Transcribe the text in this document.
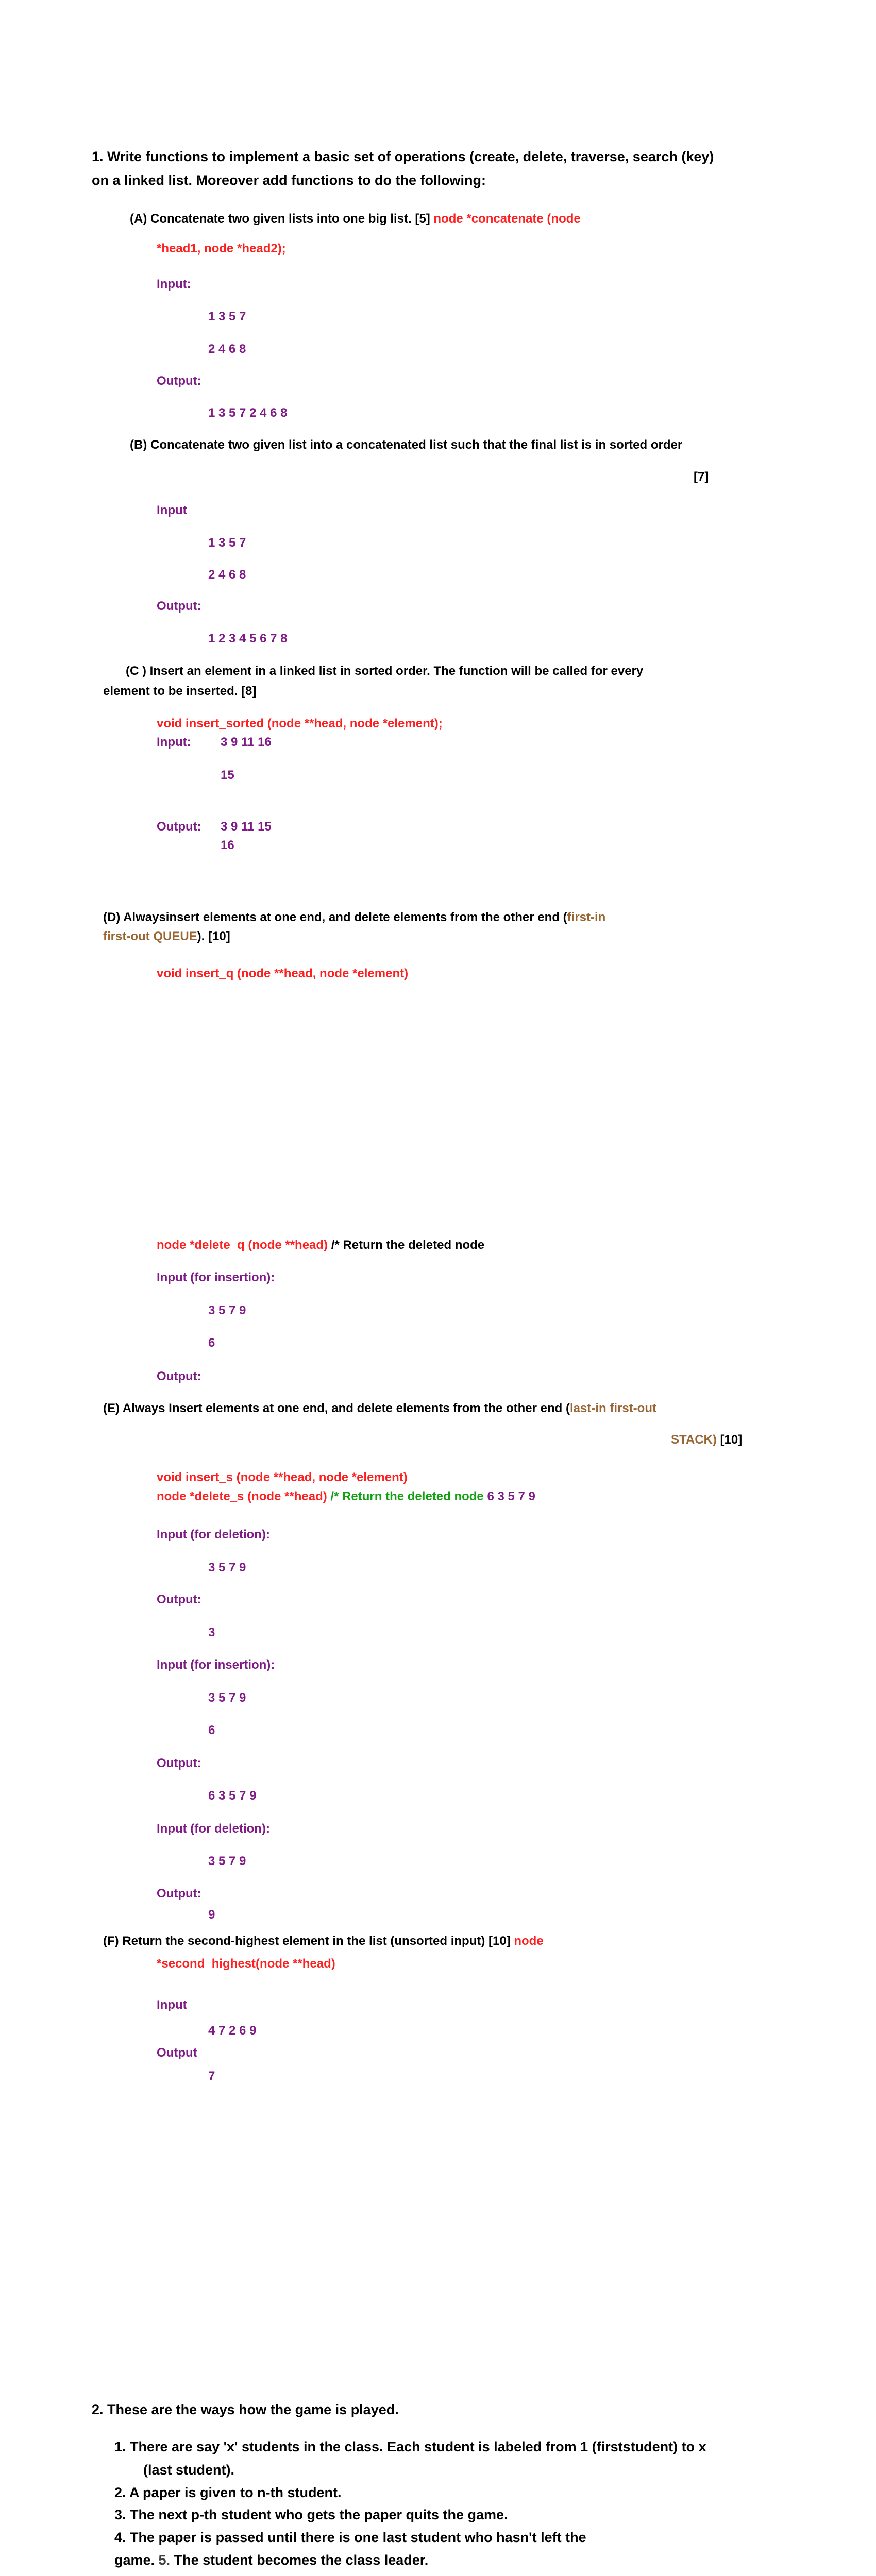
1. Write functions to implement a basic set of operations (create, delete, traverse, search (key)
on a linked list. Moreover add functions to do the following:
(A) Concatenate two given lists into one big list. [5] node *concatenate (node
*head1, node *head2);
Input:
1 3 5 7
2 4 6 8
Output:
1 3 5 7 2 4 6 8
(B) Concatenate two given list into a concatenated list such that the final list is in sorted order
[7]
Input
1 3 5 7
2 4 6 8
Output:
1 2 3 4 5 6 7 8
(C ) Insert an element in a linked list in sorted order. The function will be called for every
element to be inserted. [8]
void insert_sorted (node **head, node *element);
Input: 3 9 11 16
15
Output: 3 9 11 15
16
(D) Alwaysinsert elements at one end, and delete elements from the other end (first-in
first-out QUEUE). [10]
void insert_q (node **head, node *element)
node *delete_q (node **head) /* Return the deleted node
Input (for insertion):
3 5 7 9
6
Output:
(E) Always Insert elements at one end, and delete elements from the other end (last-in first-out
STACK) [10]
void insert_s (node **head, node *element)
node *delete_s (node **head) /* Return the deleted node 6 3 5 7 9
Input (for deletion):
3 5 7 9
Output:
3
Input (for insertion):
3 5 7 9
6
Output:
6 3 5 7 9
Input (for deletion):
3 5 7 9
Output:
9
(F) Return the second-highest element in the list (unsorted input) [10] node
*second_highest(node **head)
Input
4 7 2 6 9
Output
7
2. These are the ways how the game is played.
1. There are say 'x' students in the class. Each student is labeled from 1 (firststudent) to x
(last student).
2. A paper is given to n-th student.
3. The next p-th student who gets the paper quits the game.
4. The paper is passed until there is one last student who hasn't left the
game. 5. The student becomes the class leader.
